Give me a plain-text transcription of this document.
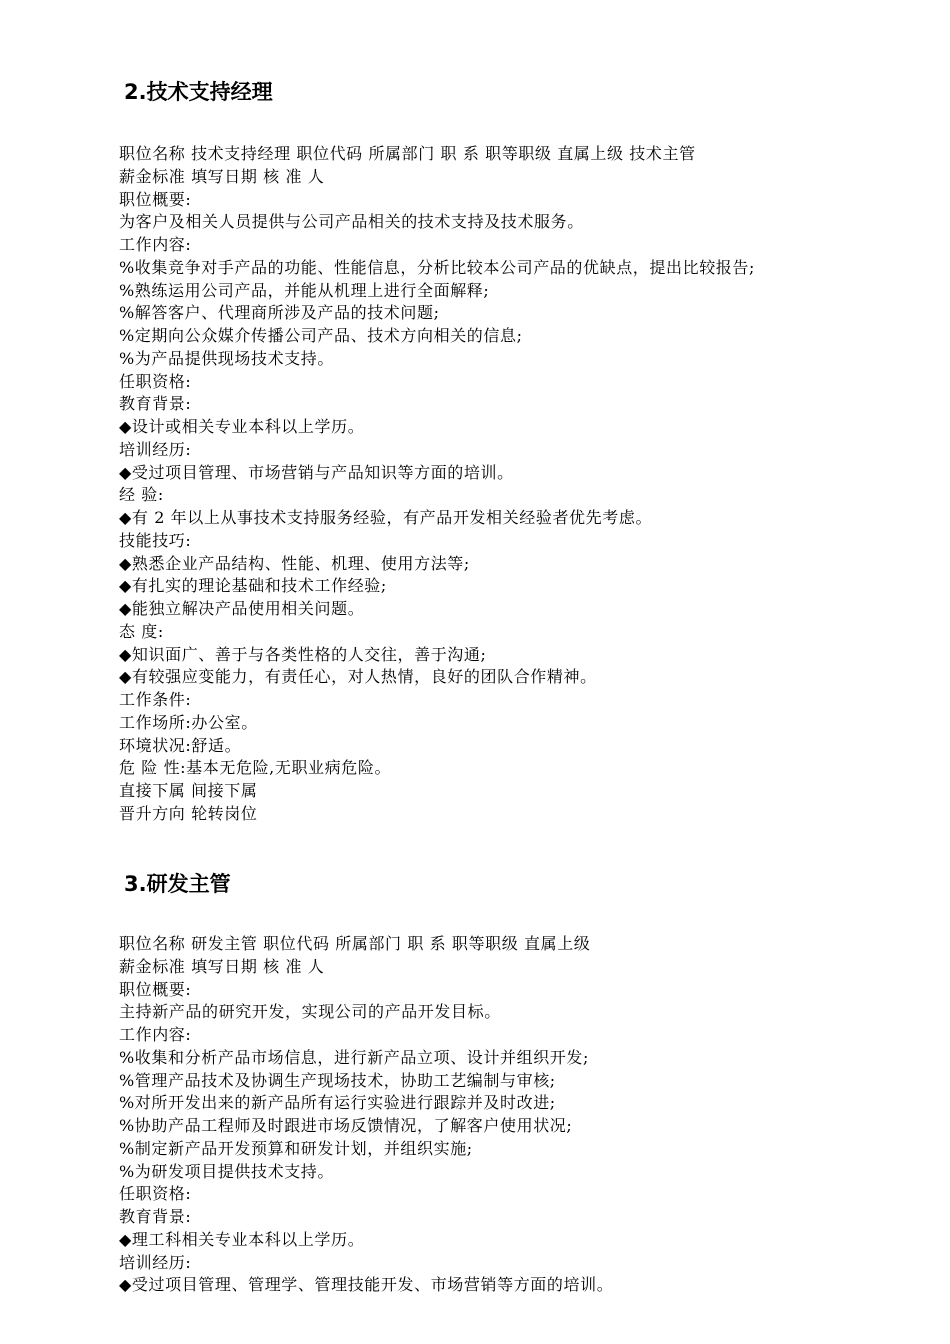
2.技术支持经理
职位名称 技术支持经理 职位代码 所属部门 职 系 职等职级 直属上级 技术主管
薪金标准 填写日期 核 准 人
职位概要:
为客户及相关人员提供与公司产品相关的技术支持及技术服务。
工作内容:
%收集竞争对手产品的功能、性能信息，分析比较本公司产品的优缺点，提出比较报告;
%熟练运用公司产品，并能从机理上进行全面解释;
%解答客户、代理商所涉及产品的技术问题;
%定期向公众媒介传播公司产品、技术方向相关的信息;
%为产品提供现场技术支持。
任职资格:
教育背景:
◆设计或相关专业本科以上学历。
培训经历:
◆受过项目管理、市场营销与产品知识等方面的培训。
经 验:
◆有 2 年以上从事技术支持服务经验，有产品开发相关经验者优先考虑。
技能技巧:
◆熟悉企业产品结构、性能、机理、使用方法等;
◆有扎实的理论基础和技术工作经验;
◆能独立解决产品使用相关问题。
态 度:
◆知识面广、善于与各类性格的人交往，善于沟通;
◆有较强应变能力，有责任心，对人热情，良好的团队合作精神。
工作条件:
工作场所:办公室。
环境状况:舒适。
危 险 性:基本无危险,无职业病危险。
直接下属 间接下属
晋升方向 轮转岗位
3.研发主管
职位名称 研发主管 职位代码 所属部门 职 系 职等职级 直属上级
薪金标准 填写日期 核 准 人
职位概要:
主持新产品的研究开发，实现公司的产品开发目标。
工作内容:
%收集和分析产品市场信息，进行新产品立项、设计并组织开发;
%管理产品技术及协调生产现场技术，协助工艺编制与审核;
%对所开发出来的新产品所有运行实验进行跟踪并及时改进;
%协助产品工程师及时跟进市场反馈情况，了解客户使用状况;
%制定新产品开发预算和研发计划，并组织实施;
%为研发项目提供技术支持。
任职资格:
教育背景:
◆理工科相关专业本科以上学历。
培训经历:
◆受过项目管理、管理学、管理技能开发、市场营销等方面的培训。
